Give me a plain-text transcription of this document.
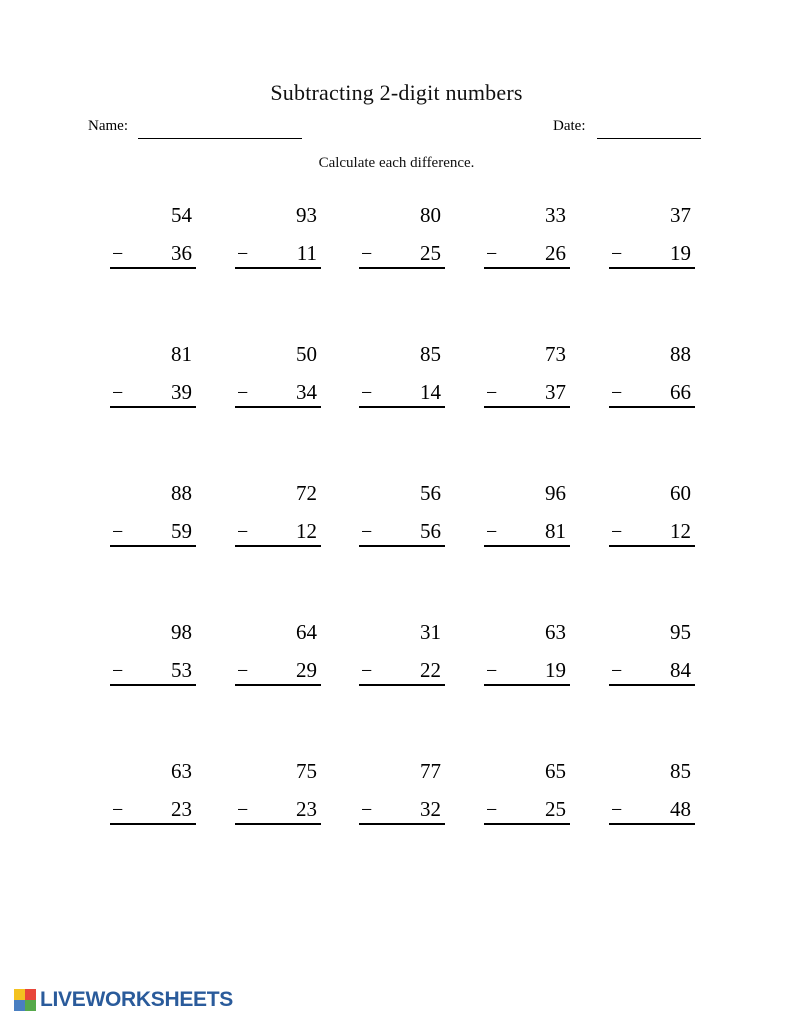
Subtracting 2-digit numbers
Name:	Date:
Calculate each difference.
54
− 36
93
− 11
80
− 25
33
− 26
37
− 19
81
− 39
50
− 34
85
− 14
73
− 37
88
− 66
88
− 59
72
− 12
56
− 56
96
− 81
60
− 12
98
− 53
64
− 29
31
− 22
63
− 19
95
− 84
63
− 23
75
− 23
77
− 32
65
− 25
85
− 48
LIVEWORKSHEETS
